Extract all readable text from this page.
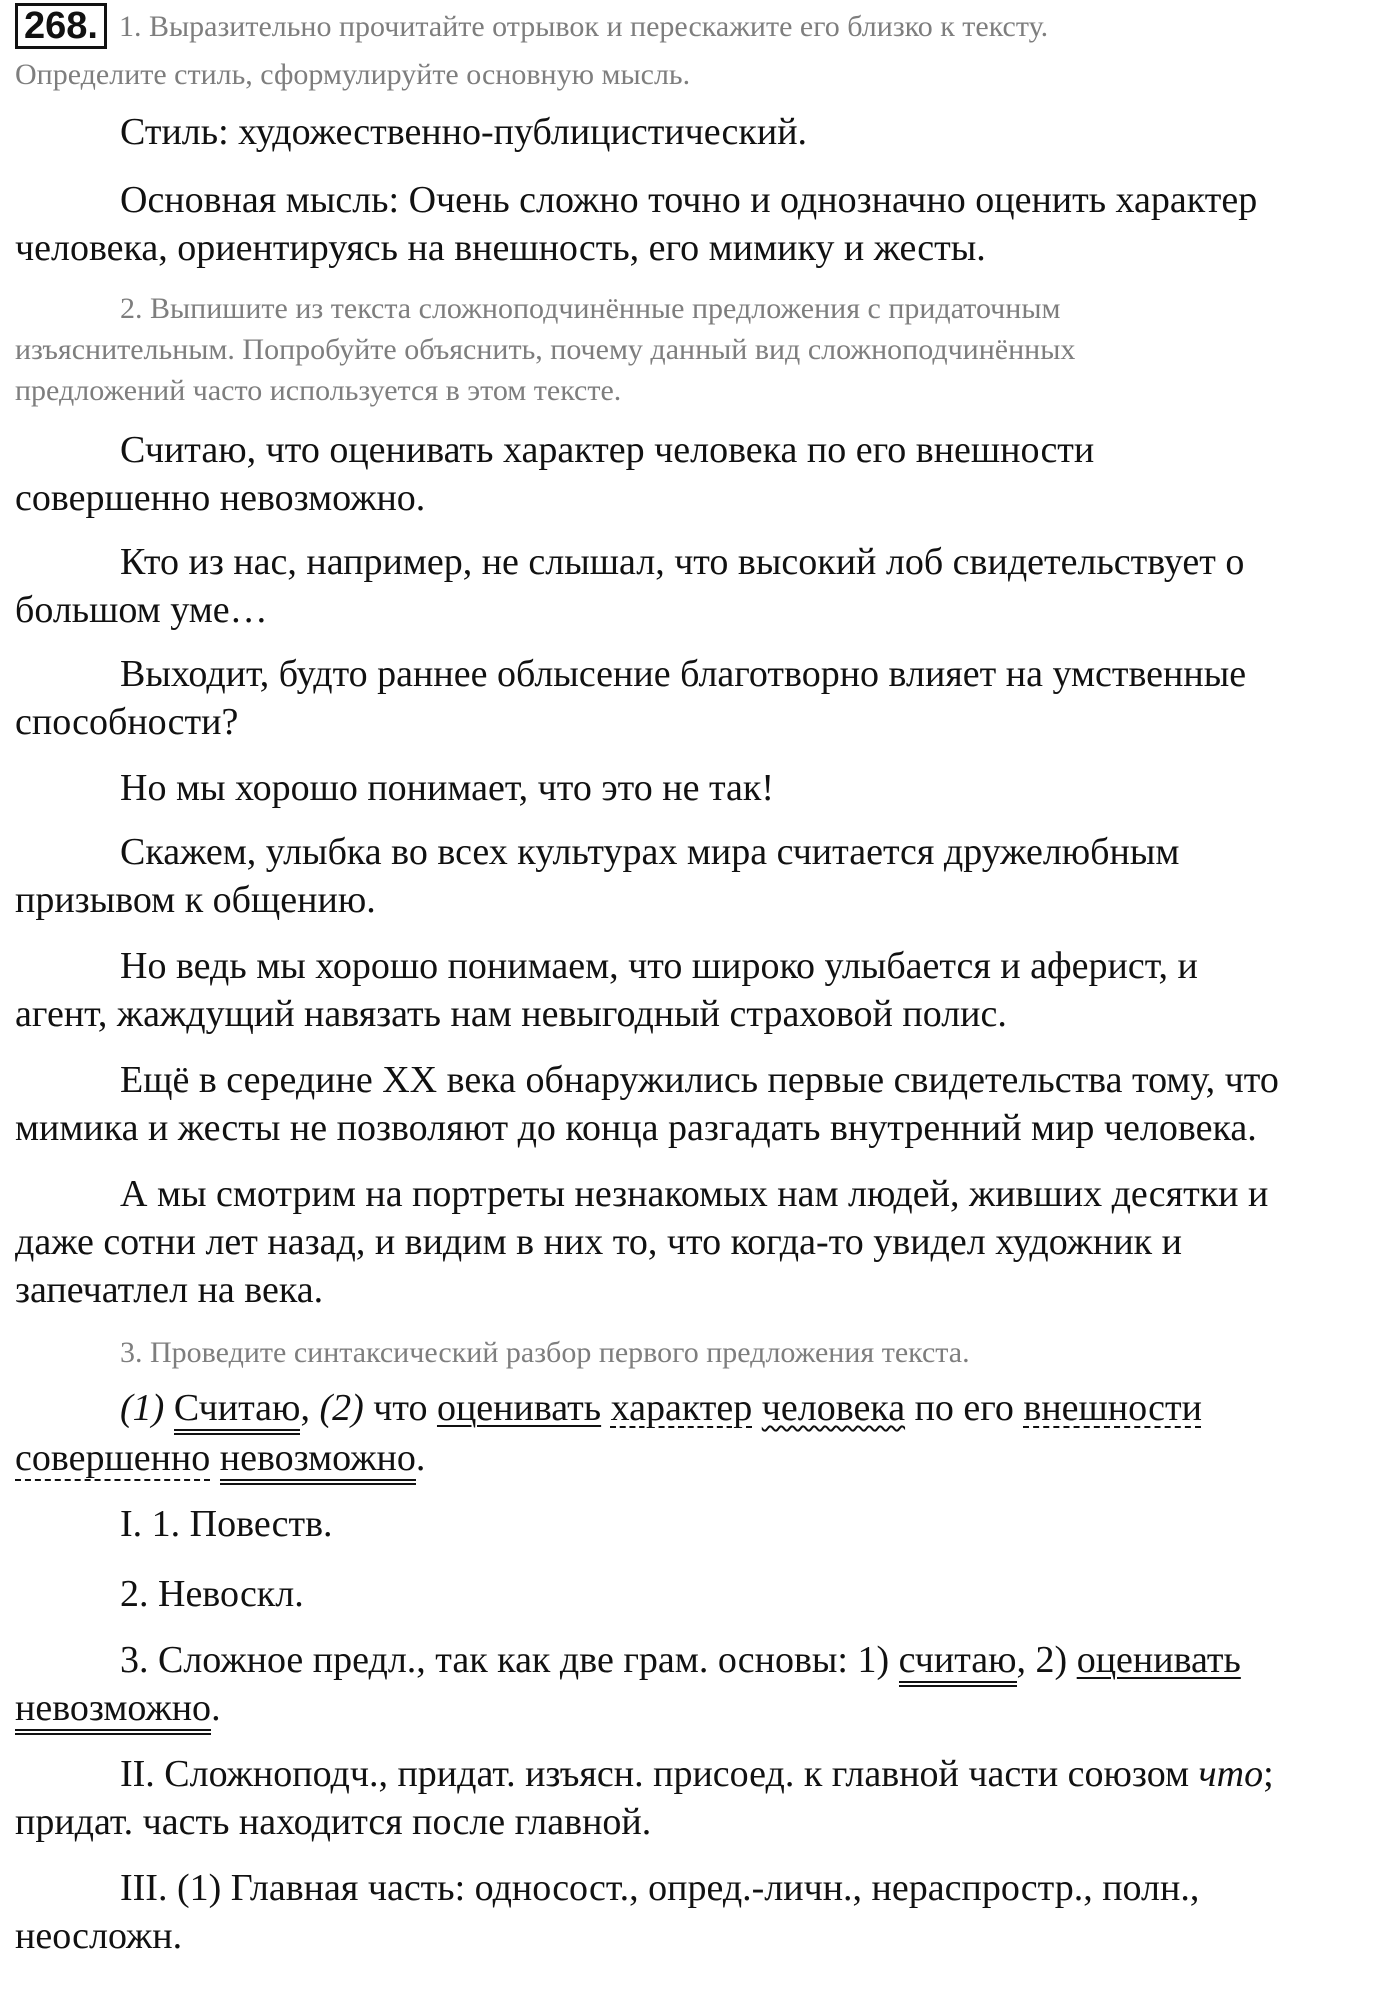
268. 1. Выразительно прочитайте отрывок и перескажите его близко к тексту.
Определите стиль, сформулируйте основную мысль.
Стиль: художественно-публицистический.
Основная мысль: Очень сложно точно и однозначно оценить характер
человека, ориентируясь на внешность, его мимику и жесты.
2. Выпишите из текста сложноподчинённые предложения с придаточным
изъяснительным. Попробуйте объяснить, почему данный вид сложноподчинённых
предложений часто используется в этом тексте.
Считаю, что оценивать характер человека по его внешности
совершенно невозможно.
Кто из нас, например, не слышал, что высокий лоб свидетельствует о
большом уме…
Выходит, будто раннее облысение благотворно влияет на умственные
способности?
Но мы хорошо понимает, что это не так!
Скажем, улыбка во всех культурах мира считается дружелюбным
призывом к общению.
Но ведь мы хорошо понимаем, что широко улыбается и аферист, и
агент, жаждущий навязать нам невыгодный страховой полис.
Ещё в середине XX века обнаружились первые свидетельства тому, что
мимика и жесты не позволяют до конца разгадать внутренний мир человека.
А мы смотрим на портреты незнакомых нам людей, живших десятки и
даже сотни лет назад, и видим в них то, что когда-то увидел художник и
запечатлел на века.
3. Проведите синтаксический разбор первого предложения текста.
(1) Считаю, (2) что оценивать характер человека по его внешности
совершенно невозможно.
I. 1. Повеств.
2. Невоскл.
3. Сложное предл., так как две грам. основы: 1) считаю, 2) оценивать
невозможно.
II. Сложноподч., придат. изъясн. присоед. к главной части союзом что;
придат. часть находится после главной.
III. (1) Главная часть: односост., опред.-личн., нераспростр., полн.,
неосложн.
